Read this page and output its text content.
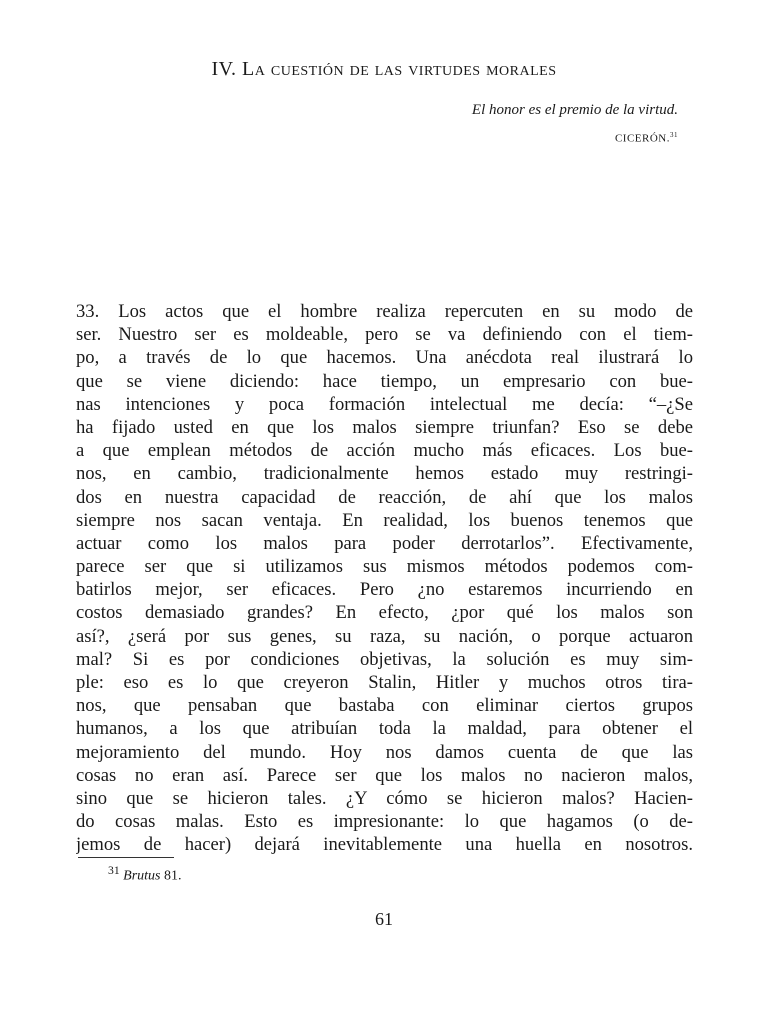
IV. La cuestión de las virtudes morales
El honor es el premio de la virtud.
CICERÓN.$^{31}$
33. Los actos que el hombre realiza repercuten en su modo de
ser. Nuestro ser es moldeable, pero se va definiendo con el tiem-
po, a través de lo que hacemos. Una anécdota real ilustrará lo
que se viene diciendo: hace tiempo, un empresario con bue-
nas intenciones y poca formación intelectual me decía: “–¿Se
ha fijado usted en que los malos siempre triunfan? Eso se debe
a que emplean métodos de acción mucho más eficaces. Los bue-
nos, en cambio, tradicionalmente hemos estado muy restringi-
dos en nuestra capacidad de reacción, de ahí que los malos
siempre nos sacan ventaja. En realidad, los buenos tenemos que
actuar como los malos para poder derrotarlos”. Efectivamente,
parece ser que si utilizamos sus mismos métodos podemos com-
batirlos mejor, ser eficaces. Pero ¿no estaremos incurriendo en
costos demasiado grandes? En efecto, ¿por qué los malos son
así?, ¿será por sus genes, su raza, su nación, o porque actuaron
mal? Si es por condiciones objetivas, la solución es muy sim-
ple: eso es lo que creyeron Stalin, Hitler y muchos otros tira-
nos, que pensaban que bastaba con eliminar ciertos grupos
humanos, a los que atribuían toda la maldad, para obtener el
mejoramiento del mundo. Hoy nos damos cuenta de que las
cosas no eran así. Parece ser que los malos no nacieron malos,
sino que se hicieron tales. ¿Y cómo se hicieron malos? Hacien-
do cosas malas. Esto es impresionante: lo que hagamos (o de-
jemos de hacer) dejará inevitablemente una huella en nosotros.
$^{31}$ Brutus 81.
61
